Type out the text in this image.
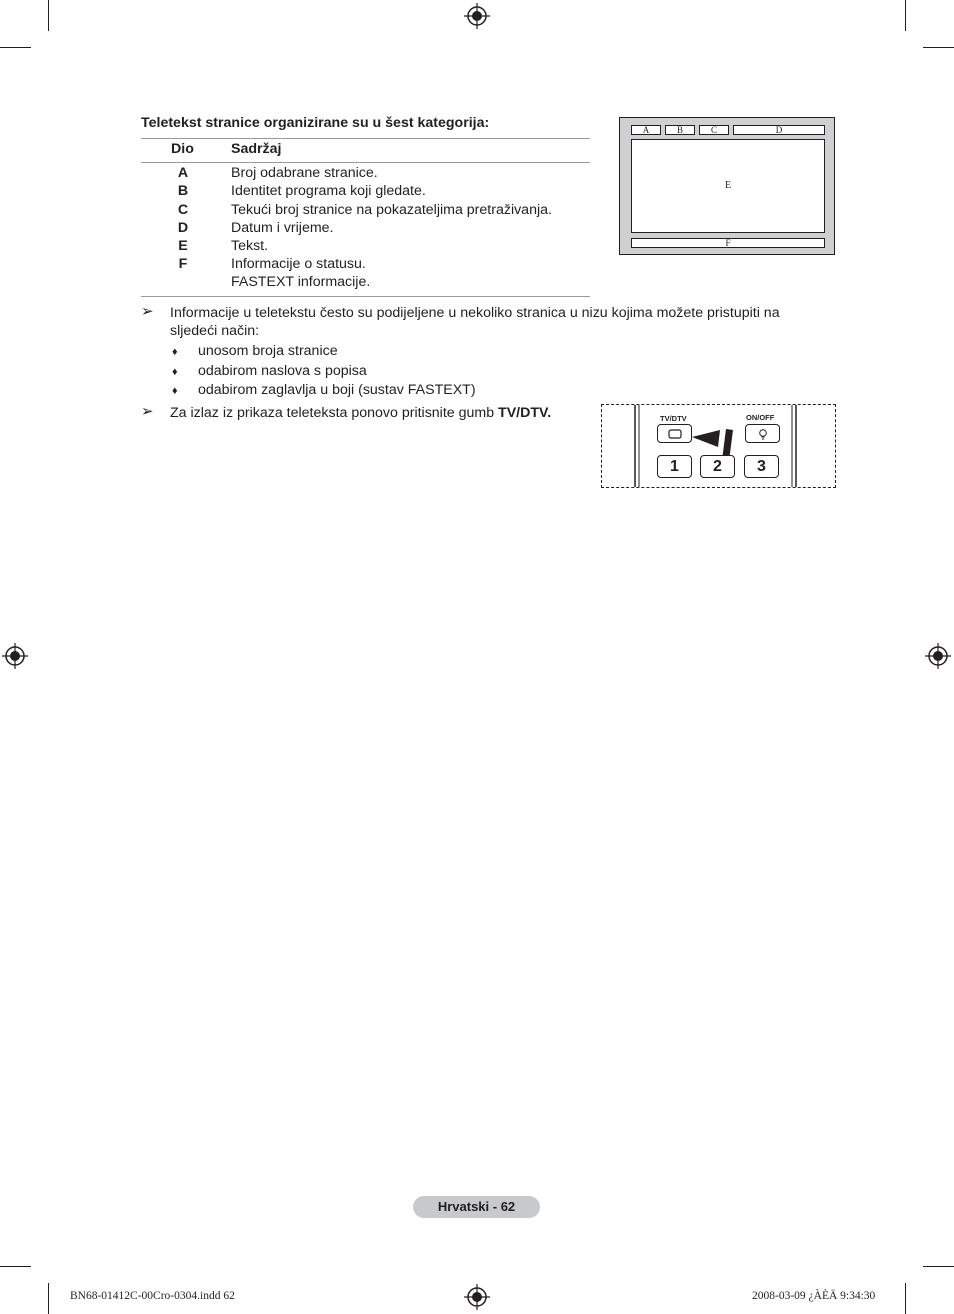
Teletekst stranice organizirane su u šest kategorija:
Dio	Sadržaj
A	Broj odabrane stranice.
B	Identitet programa koji gledate.
C	Tekući broj stranice na pokazateljima pretraživanja.
D	Datum i vrijeme.
E	Tekst.
F	Informacije o statusu.
FASTEXT informacije.
A	B	C	D
E
F
➢ Informacije u teletekstu često su podijeljene u nekoliko stranica u nizu kojima možete pristupiti na
sljedeći način:
♦ unosom broja stranice
♦ odabirom naslova s popisa
♦ odabirom zaglavlja u boji (sustav FASTEXT)
➢ Za izlaz iz prikaza teleteksta ponovo pritisnite gumb TV/DTV.	TV/DTV	ON/OFF
1	2	3
Hrvatski - 62
BN68-01412C-00Cro-0304.indd 62	2008-03-09 ¿ÀÈÄ 9:34:30
